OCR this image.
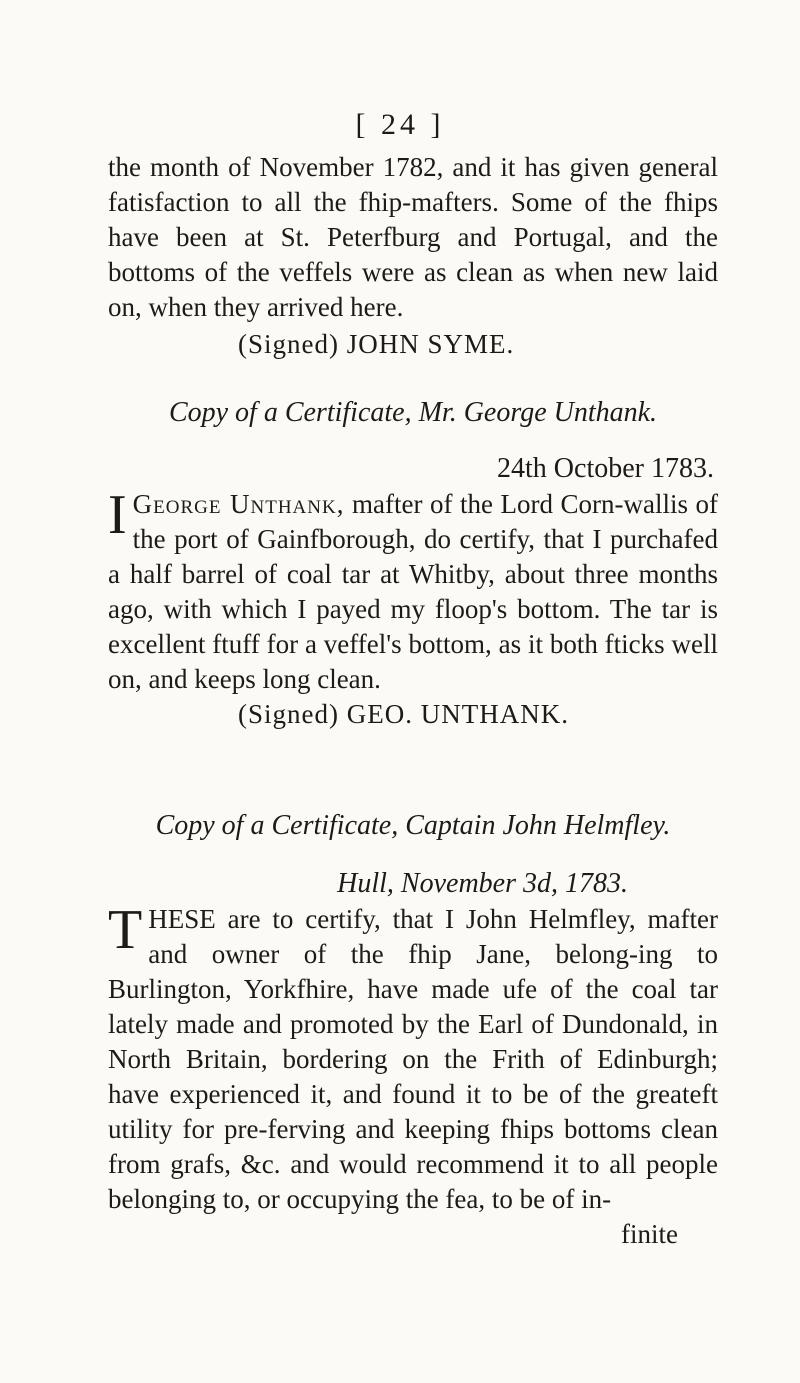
[ 24 ]

the month of November 1782, and it has given general fatisfaction to all the fhip-mafters. Some of the fhips have been at St. Peterfburg and Portugal, and the bottoms of the veffels were as clean as when new laid on, when they arrived here.

(Signed) JOHN SYME.
Copy of a Certificate, Mr. George Unthank.
24th October 1783.

I George Unthank, mafter of the Lord Corn-wallis of the port of Gainfborough, do certify, that I purchafed a half barrel of coal tar at Whitby, about three months ago, with which I payed my floop's bottom. The tar is excellent ftuff for a veffel's bottom, as it both fticks well on, and keeps long clean.

(Signed) GEO. UNTHANK.
Copy of a Certificate, Captain John Helmfley.
Hull, November 3d, 1783.

THESE are to certify, that I John Helmfley, mafter and owner of the fhip Jane, belong-ing to Burlington, Yorkfhire, have made ufe of the coal tar lately made and promoted by the Earl of Dundonald, in North Britain, bordering on the Frith of Edinburgh; have experienced it, and found it to be of the greateft utility for pre-ferving and keeping fhips bottoms clean from grafs, &c. and would recommend it to all people belonging to, or occupying the fea, to be of in-

finite
